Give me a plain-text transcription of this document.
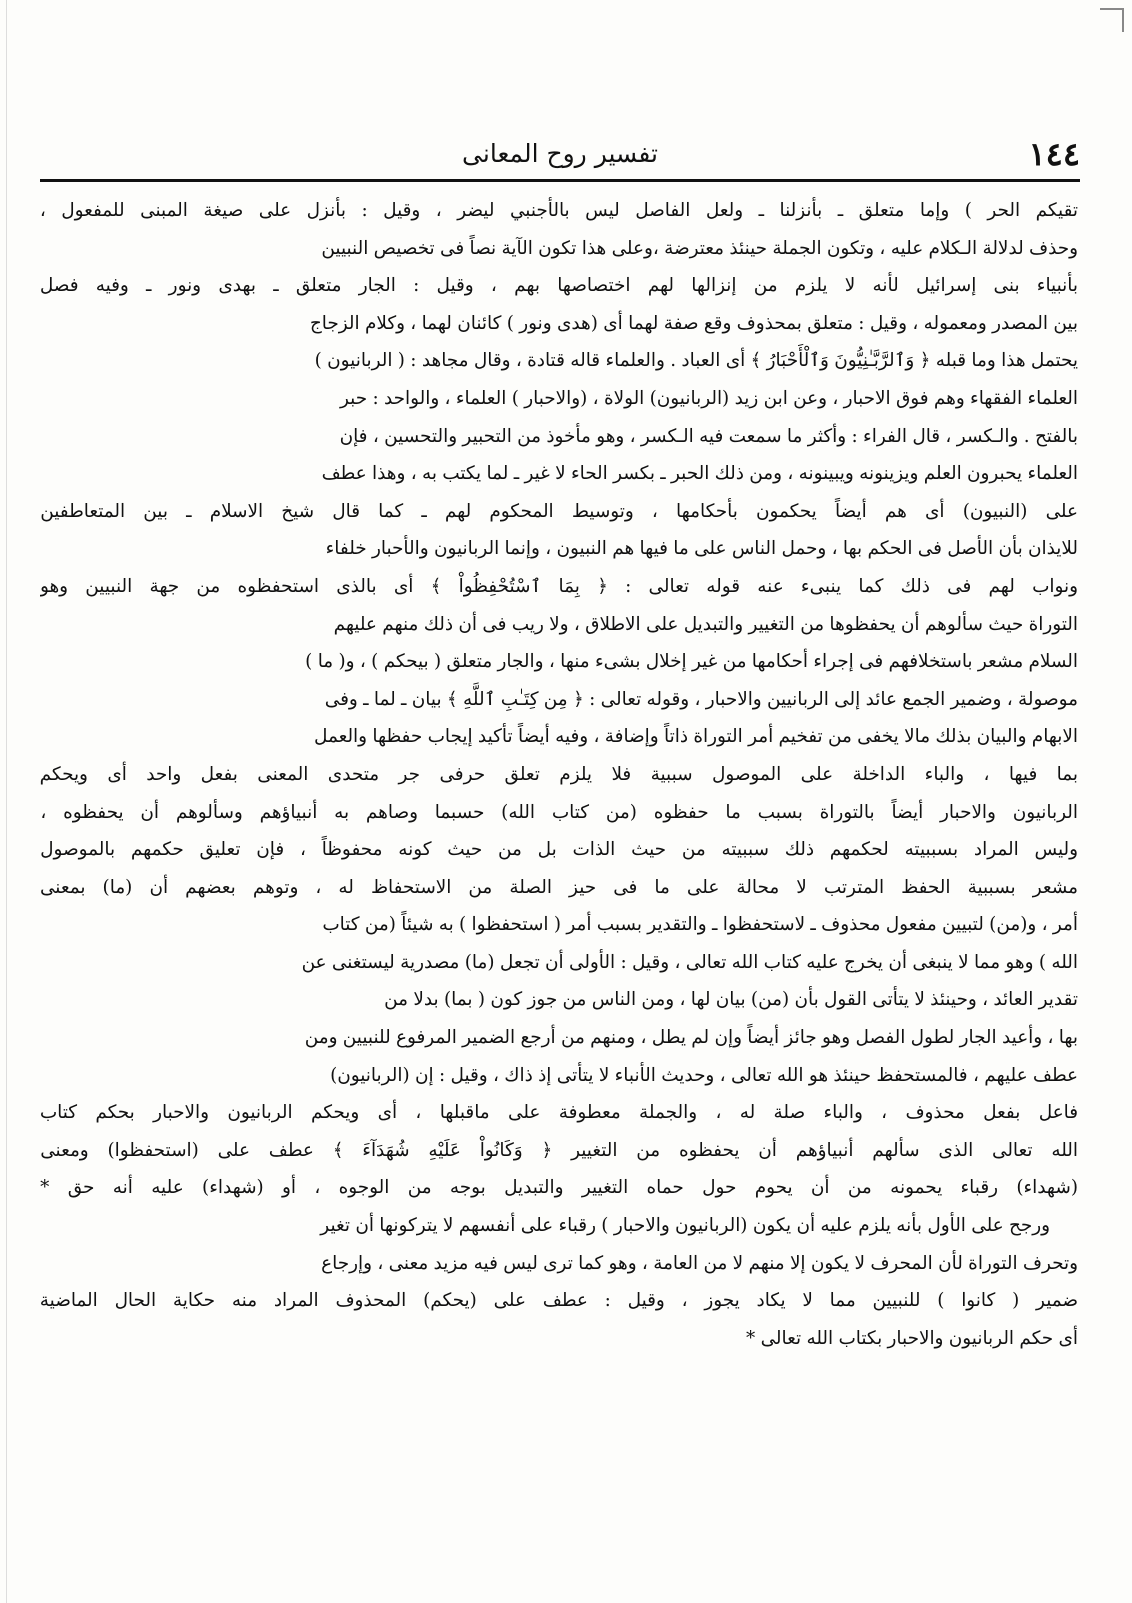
١٤٤
تفسير روح المعانى
تقيكم الحر ) وإما متعلق ـ بأنزلنا ـ ولعل الفاصل ليس بالأجنبي ليضر ، وقيل : بأنزل على صيغة المبنى للمفعول ،
وحذف لدلالة الـكلام عليه ، وتكون الجملة حينئذ معترضة ،وعلى هذا تكون الآية نصاً فى تخصيص النبيين
بأنبياء بنى إسرائيل لأنه لا يلزم من إنزالها لهم اختصاصها بهم ، وقيل : الجار متعلق ـ بهدى ونور ـ وفيه فصل
بين المصدر ومعموله ، وقيل : متعلق بمحذوف وقع صفة لهما أى (هدى ونور ) كائنان لهما ، وكلام الزجاج
يحتمل هذا وما قبله ﴿ وَٱلرَّبَّـٰنِيُّونَ وَٱلْأَحْبَارُ ﴾ أى العباد . والعلماء قاله قتادة ، وقال مجاهد : ( الربانيون )
العلماء الفقهاء وهم فوق الاحبار ، وعن ابن زيد (الربانيون) الولاة ، (والاحبار ) العلماء ، والواحد : حبر
بالفتح . والـكسر ، قال الفراء : وأكثر ما سمعت فيه الـكسر ، وهو مأخوذ من التحبير والتحسين ، فإن
العلماء يحبرون العلم ويزينونه ويبينونه ، ومن ذلك الحبر ـ بكسر الحاء لا غير ـ لما يكتب به ، وهذا عطف
على (النبيون) أى هم أيضاً يحكمون بأحكامها ، وتوسيط المحكوم لهم ـ كما قال شيخ الاسلام ـ بين المتعاطفين
للايذان بأن الأصل فى الحكم بها ، وحمل الناس على ما فيها هم النبيون ، وإنما الربانيون والأحبار خلفاء
ونواب لهم فى ذلك كما ينبىء عنه قوله تعالى : ﴿ بِمَا ٱسْتُحْفِظُواْ ﴾ أى بالذى استحفظوه من جهة النبيين وهو
التوراة حيث سألوهم أن يحفظوها من التغيير والتبديل على الاطلاق ، ولا ريب فى أن ذلك منهم عليهم
السلام مشعر باستخلافهم فى إجراء أحكامها من غير إخلال بشىء منها ، والجار متعلق ( بيحكم ) ، و( ما )
موصولة ، وضمير الجمع عائد إلى الربانيين والاحبار ، وقوله تعالى : ﴿ مِن كِتَـٰبِ ٱللَّهِ ﴾ بيان ـ لما ـ وفى
الابهام والبيان بذلك مالا يخفى من تفخيم أمر التوراة ذاتاً وإضافة ، وفيه أيضاً تأكيد إيجاب حفظها والعمل
بما فيها ، والباء الداخلة على الموصول سببية فلا يلزم تعلق حرفى جر متحدى المعنى بفعل واحد أى ويحكم
الربانيون والاحبار أيضاً بالتوراة بسبب ما حفظوه (من كتاب الله) حسبما وصاهم به أنبياؤهم وسألوهم أن يحفظوه ،
وليس المراد بسببيته لحكمهم ذلك سببيته من حيث الذات بل من حيث كونه محفوظاً ، فإن تعليق حكمهم بالموصول
مشعر بسببية الحفظ المترتب لا محالة على ما فى حيز الصلة من الاستحفاظ له ، وتوهم بعضهم أن (ما) بمعنى
أمر ، و(من) لتبيين مفعول محذوف ـ لاستحفظوا ـ والتقدير بسبب أمر ( استحفظوا ) به شيئاً (من كتاب
الله ) وهو مما لا ينبغى أن يخرج عليه كتاب الله تعالى ، وقيل : الأولى أن تجعل (ما) مصدرية ليستغنى عن
تقدير العائد ، وحينئذ لا يتأتى القول بأن (من) بيان لها ، ومن الناس من جوز كون ( بما) بدلا من
بها ، وأعيد الجار لطول الفصل وهو جائز أيضاً وإن لم يطل ، ومنهم من أرجع الضمير المرفوع للنبيين ومن
عطف عليهم ، فالمستحفظ حينئذ هو الله تعالى ، وحديث الأنباء لا يتأتى إذ ذاك ، وقيل : إن (الربانيون)
فاعل بفعل محذوف ، والباء صلة له ، والجملة معطوفة على ماقبلها ، أى ويحكم الربانيون والاحبار بحكم كتاب
الله تعالى الذى سألهم أنبياؤهم أن يحفظوه من التغيير ﴿ وَكَانُواْ عَلَيْهِ شُهَدَآءَ ﴾ عطف على (استحفظوا) ومعنى
(شهداء) رقباء يحمونه من أن يحوم حول حماه التغيير والتبديل بوجه من الوجوه ، أو (شهداء) عليه أنه حق *
ورجح على الأول بأنه يلزم عليه أن يكون (الربانيون والاحبار ) رقباء على أنفسهم لا يتركونها أن تغير
وتحرف التوراة لأن المحرف لا يكون إلا منهم لا من العامة ، وهو كما ترى ليس فيه مزيد معنى ، وإرجاع
ضمير ( كانوا ) للنبيين مما لا يكاد يجوز ، وقيل : عطف على (يحكم) المحذوف المراد منه حكاية الحال الماضية
أى حكم الربانيون والاحبار بكتاب الله تعالى *
